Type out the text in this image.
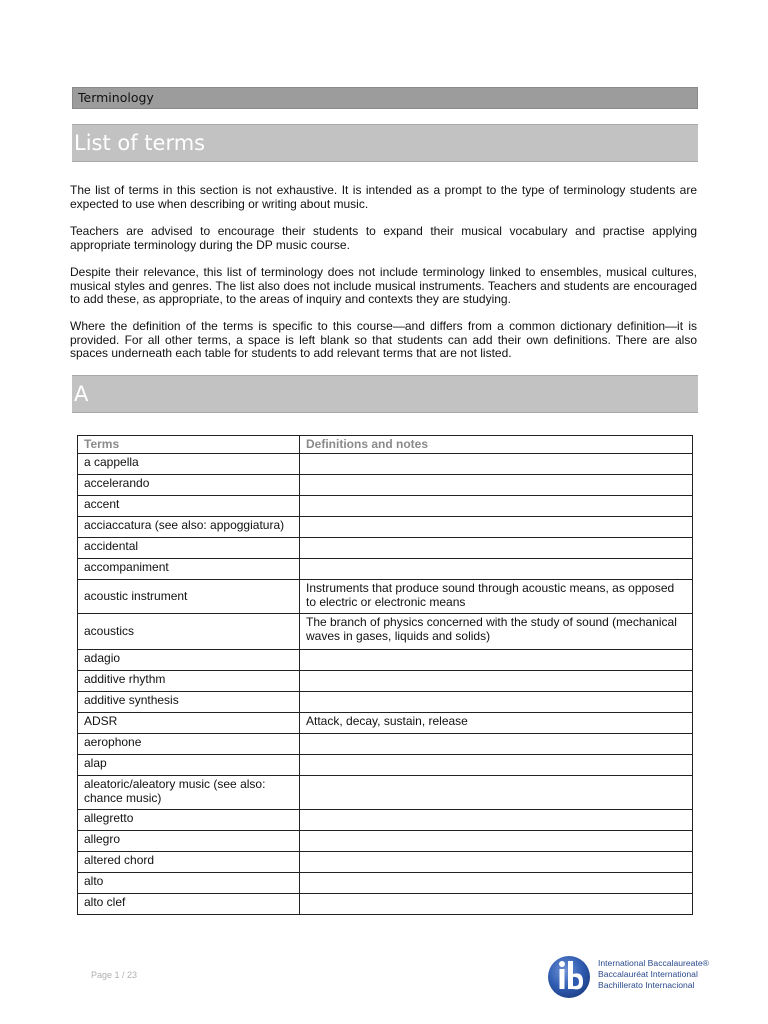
Terminology
List of terms

The list of terms in this section is not exhaustive. It is intended as a prompt to the type of terminology students are expected to use when describing or writing about music.

Teachers are advised to encourage their students to expand their musical vocabulary and practise applying appropriate terminology during the DP music course.

Despite their relevance, this list of terminology does not include terminology linked to ensembles, musical cultures, musical styles and genres. The list also does not include musical instruments. Teachers and students are encouraged to add these, as appropriate, to the areas of inquiry and contexts they are studying.

Where the definition of the terms is specific to this course—and differs from a common dictionary definition—it is provided. For all other terms, a space is left blank so that students can add their own definitions. There are also spaces underneath each table for students to add relevant terms that are not listed.

A
Terms	Definitions and notes
a cappella	
accelerando	
accent	
acciaccatura (see also: appoggiatura)	
accidental	
accompaniment	
acoustic instrument	Instruments that produce sound through acoustic means, as opposed to electric or electronic means
acoustics	The branch of physics concerned with the study of sound (mechanical waves in gases, liquids and solids)
adagio	
additive rhythm	
additive synthesis	
ADSR	Attack, decay, sustain, release
aerophone	
alap	
aleatoric/aleatory music (see also: chance music)	
allegretto	
allegro	
altered chord	
alto	
alto clef	
Page 1 / 23
International Baccalaureate®
Baccalauréat International
Bachillerato Internacional
